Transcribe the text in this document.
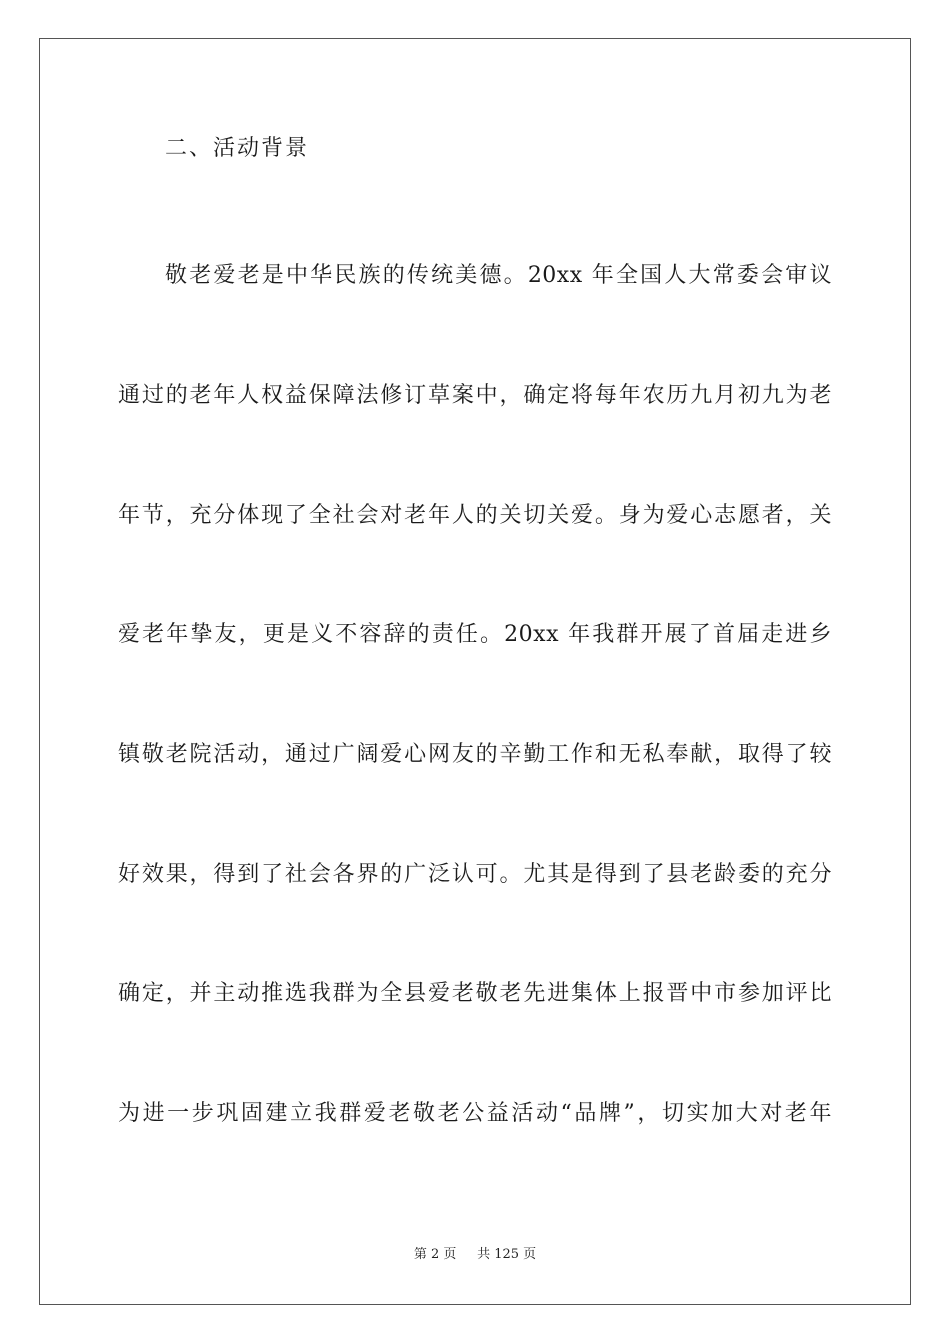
二、活动背景
敬老爱老是中华民族的传统美德。20xx 年全国人大常委会审议
通过的老年人权益保障法修订草案中，确定将每年农历九月初九为老
年节，充分体现了全社会对老年人的关切关爱。身为爱心志愿者，关
爱老年挚友，更是义不容辞的责任。20xx 年我群开展了首届走进乡
镇敬老院活动，通过广阔爱心网友的辛勤工作和无私奉献，取得了较
好效果，得到了社会各界的广泛认可。尤其是得到了县老龄委的充分
确定，并主动推选我群为全县爱老敬老先进集体上报晋中市参加评比
为进一步巩固建立我群爱老敬老公益活动“品牌”，切实加大对老年
第 2 页 共 125 页
